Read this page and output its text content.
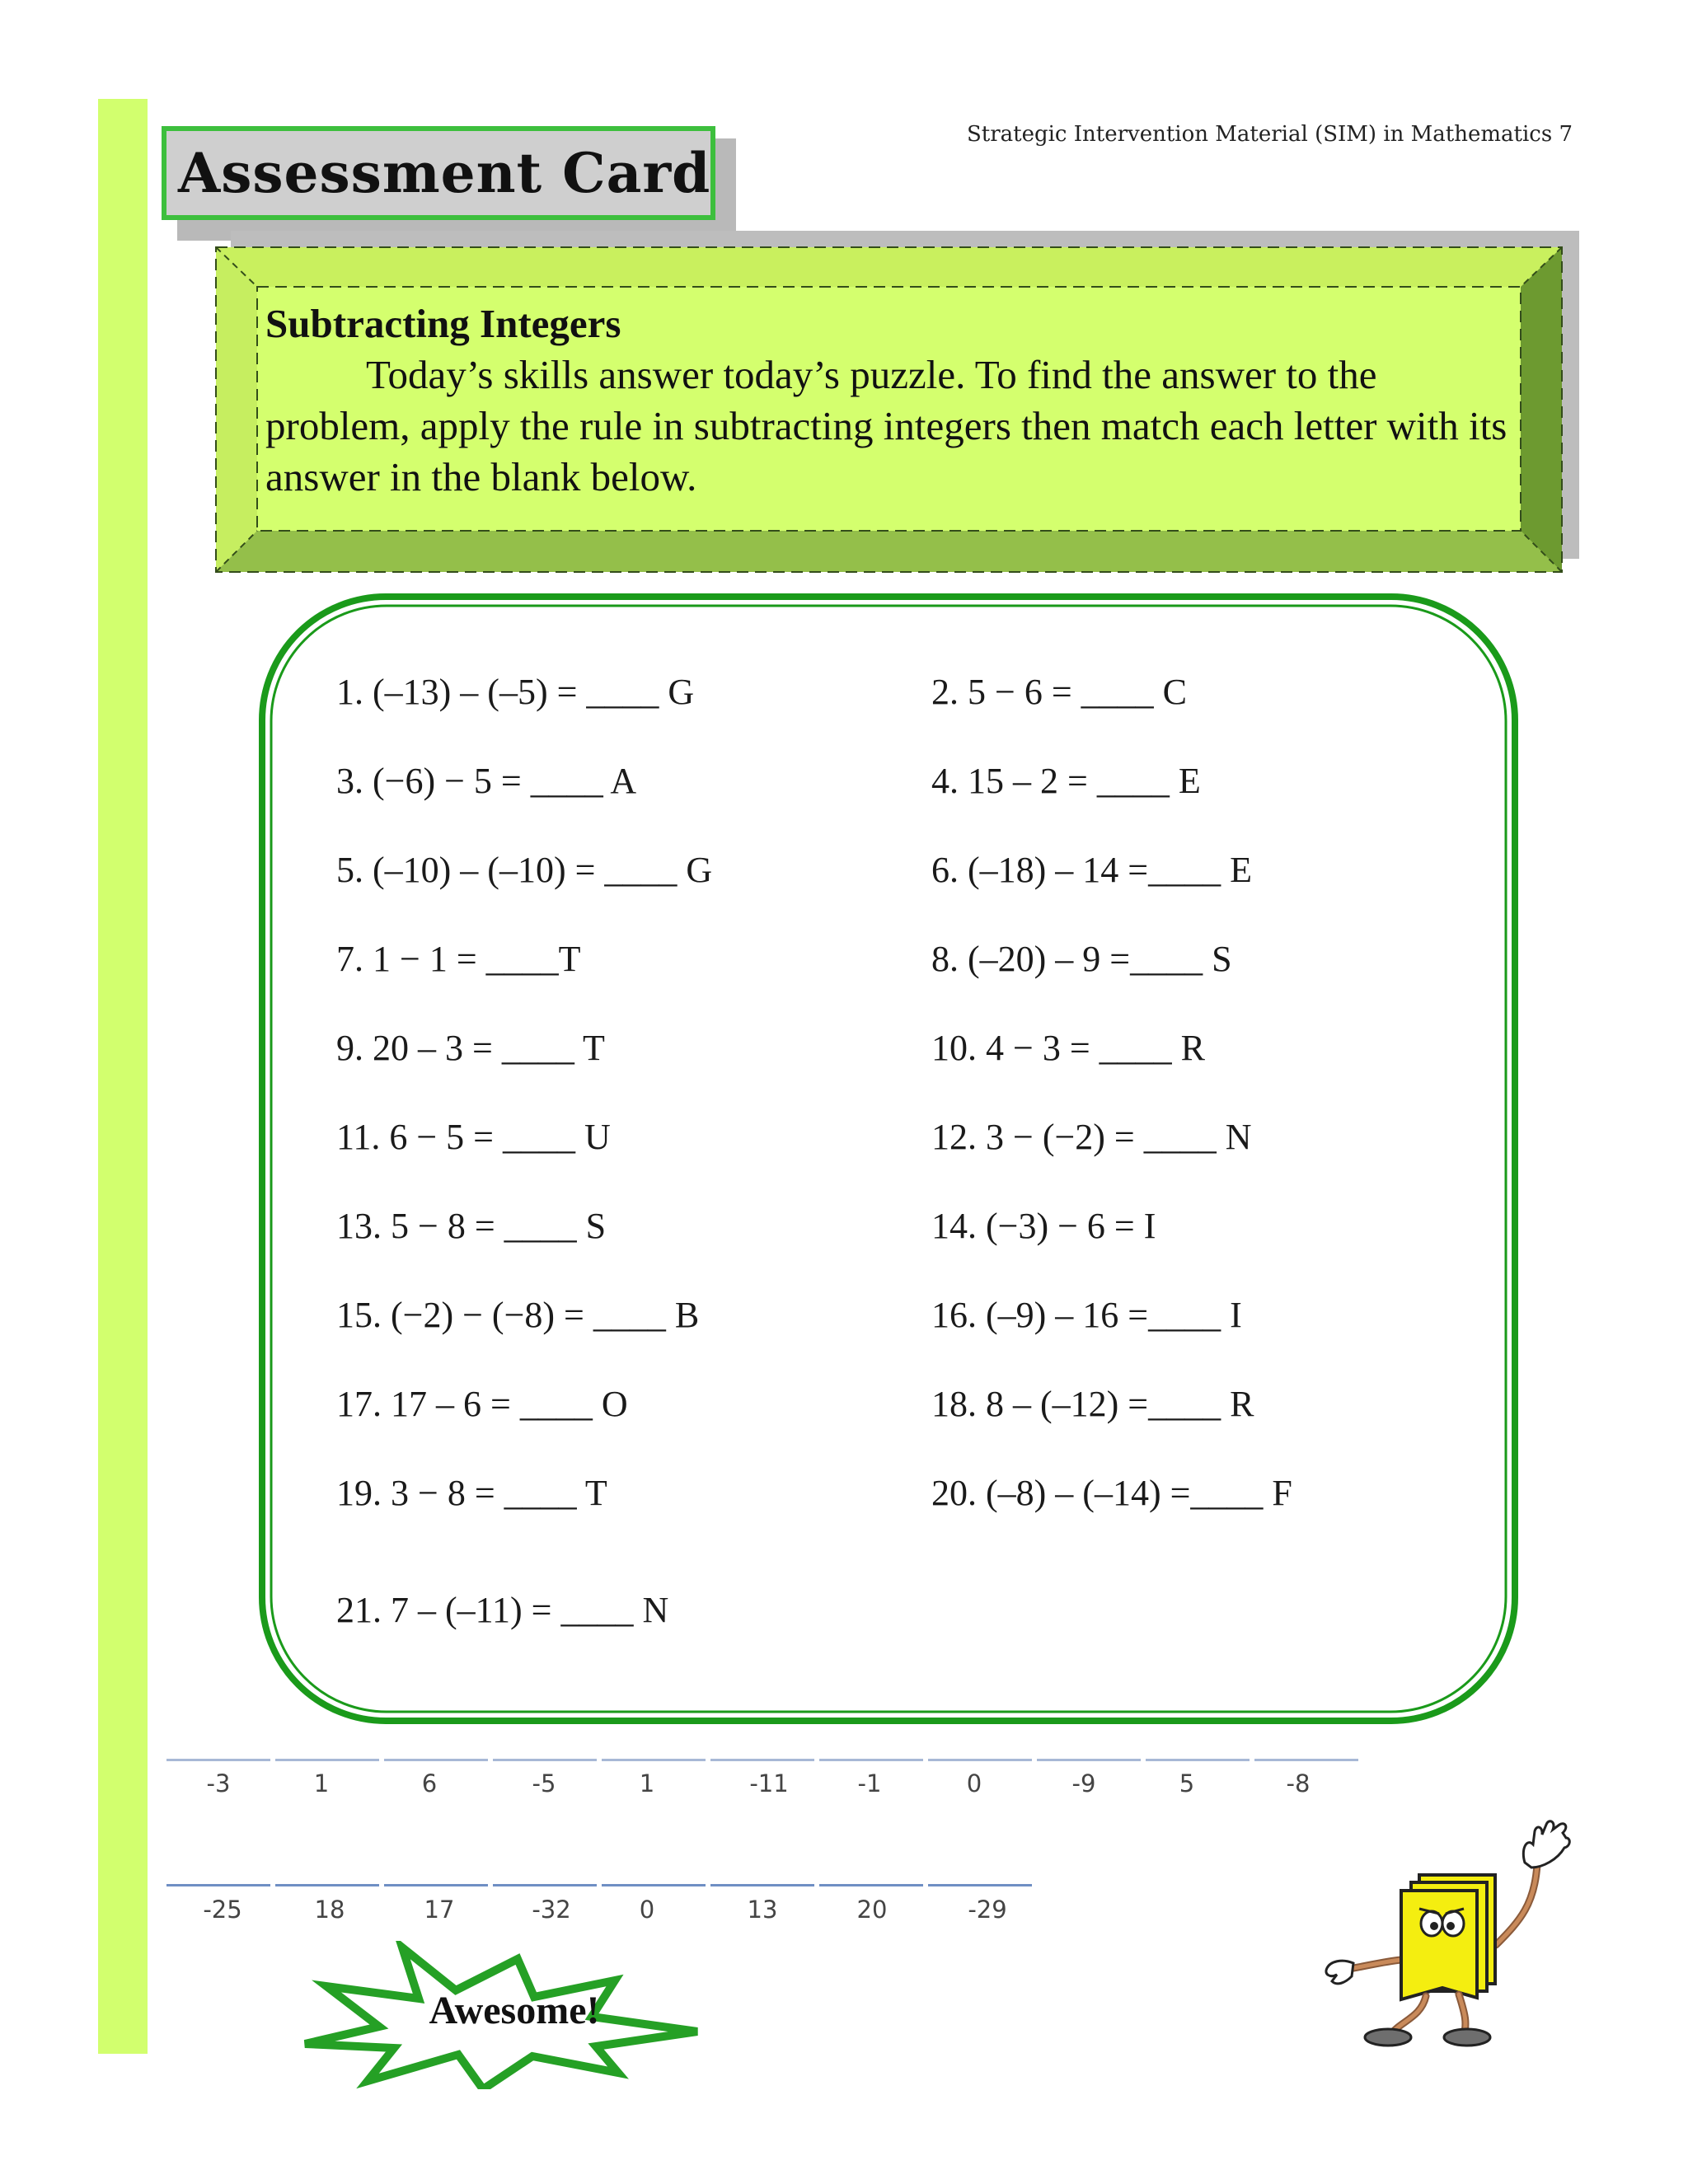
Strategic Intervention Material (SIM) in Mathematics 7
Assessment Card
Subtracting Integers
Today’s skills answer today’s puzzle. To find the answer to the problem, apply the rule in subtracting integers then match each letter with its answer in the blank below.
1. (–13) – (–5) = ____ G	2. 5 − 6 = ____ C
3. (−6) − 5 = ____ A	4. 15 – 2 = ____ E
5. (–10) – (–10) = ____ G	6. (–18) – 14 =____ E
7. 1 − 1 = ____T	8. (–20) – 9 =____ S
9. 20 – 3 = ____ T	10. 4 − 3 = ____ R
11. 6 − 5 = ____ U	12. 3 − (−2) = ____ N
13. 5 − 8 = ____ S	14. (−3) − 6 = I
15. (−2) − (−8) = ____ B	16. (–9) – 16 =____ I
17. 17 – 6 = ____ O	18. 8 – (–12) =____ R
19. 3 − 8 = ____ T	20. (–8) – (–14) =____ F
21. 7 – (–11) = ____ N
-3	1	6	-5	1	-11	-1	0	-9	5	-8
-25	18	17	-32	0	13	20	-29
Awesome!
